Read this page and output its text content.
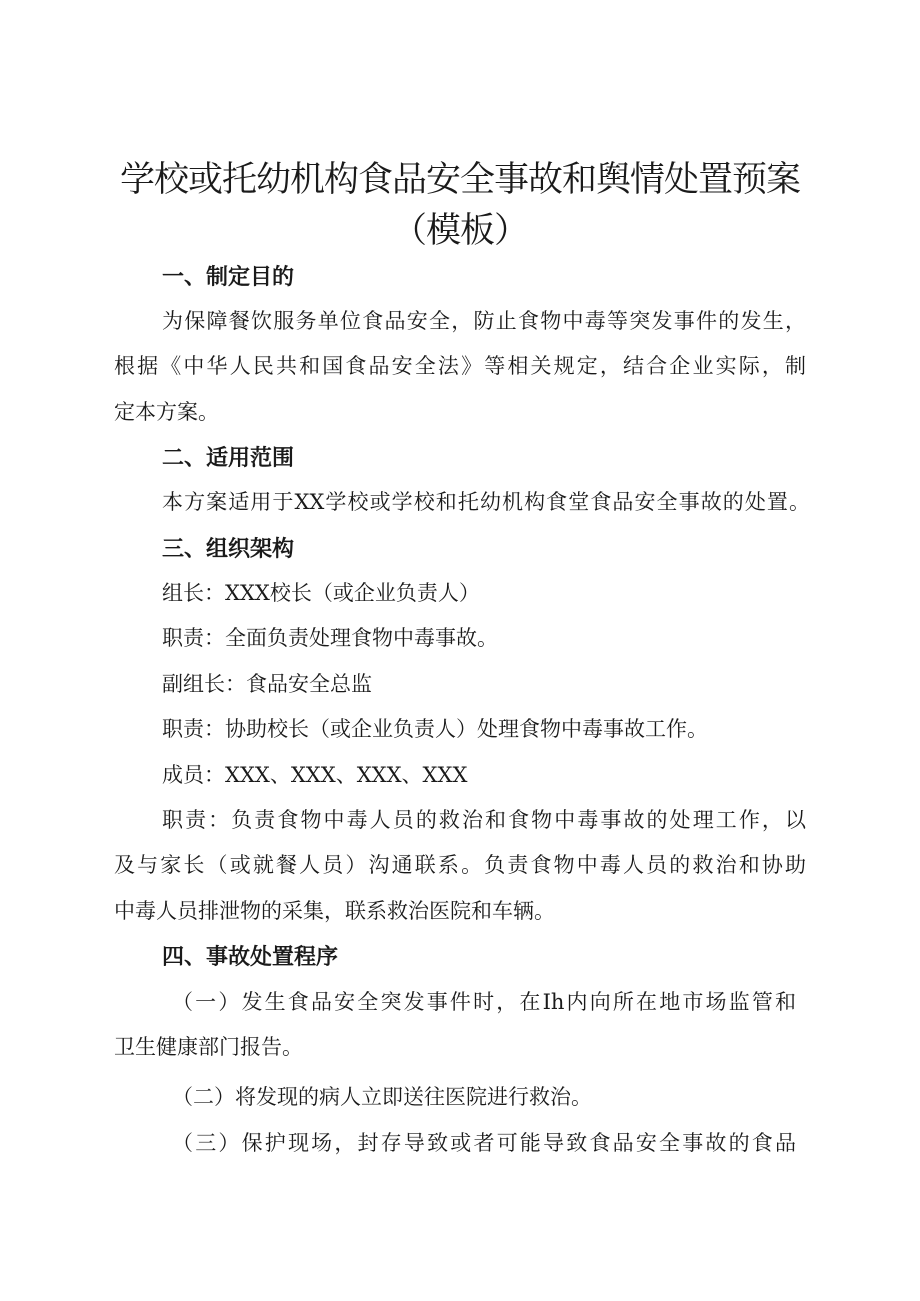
学校或托幼机构食品安全事故和舆情处置预案
（模板）
一、制定目的
为保障餐饮服务单位食品安全，防止食物中毒等突发事件的发生，
根据《中华人民共和国食品安全法》等相关规定，结合企业实际，制
定本方案。
二、适用范围
本方案适用于XX学校或学校和托幼机构食堂食品安全事故的处置。
三、组织架构
组长：XXX校长（或企业负责人）
职责：全面负责处理食物中毒事故。
副组长：食品安全总监
职责：协助校长（或企业负责人）处理食物中毒事故工作。
成员：XXX、XXX、XXX、XXX
职责：负责食物中毒人员的救治和食物中毒事故的处理工作，以
及与家长（或就餐人员）沟通联系。负责食物中毒人员的救治和协助
中毒人员排泄物的采集，联系救治医院和车辆。
四、事故处置程序
（一）发生食品安全突发事件时，在Ih内向所在地市场监管和
卫生健康部门报告。
（二）将发现的病人立即送往医院进行救治。
（三）保护现场，封存导致或者可能导致食品安全事故的食品
